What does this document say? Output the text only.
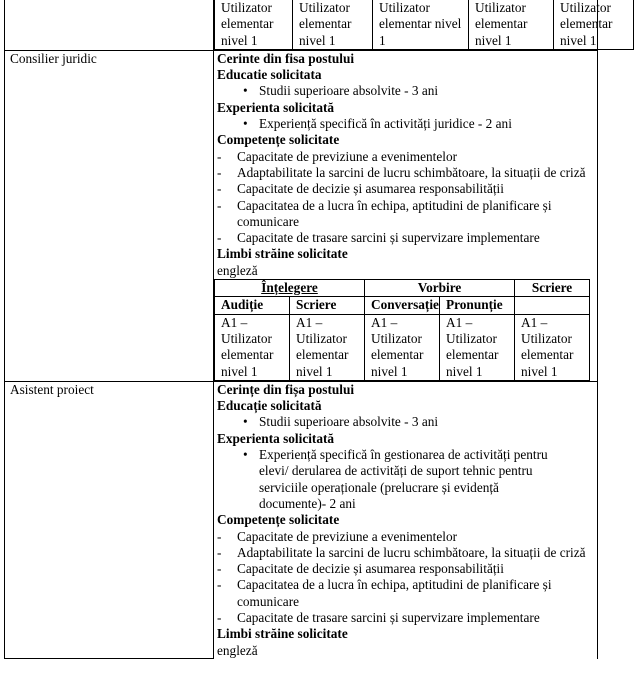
Utilizator elementar nivel 1	Utilizator elementar nivel 1	Utilizator elementar nivel 1	Utilizator elementar nivel 1	Utilizator elementar nivel 1

Consilier juridic	Cerinte din fisa postului
Educatie solicitata
• Studii superioare absolvite - 3 ani
Experienta solicitată
• Experiență specifică în activități juridice - 2 ani
Competențe solicitate
- Capacitate de previziune a evenimentelor
- Adaptabilitate la sarcini de lucru schimbătoare, la situații de criză
- Capacitate de decizie și asumarea responsabilității
- Capacitatea de a lucra în echipa, aptitudini de planificare și comunicare
- Capacitate de trasare sarcini și supervizare implementare
Limbi străine solicitate
engleză
Înțelegere	Vorbire	Scriere
Audiție	Scriere	Conversație	Pronunție	
A1 – Utilizator elementar nivel 1	A1 – Utilizator elementar nivel 1	A1 – Utilizator elementar nivel 1	A1 – Utilizator elementar nivel 1	A1 – Utilizator elementar nivel 1

Asistent proiect	Cerințe din fișa postului
Educație solicitată
• Studii superioare absolvite - 3 ani
Experienta solicitată
• Experiență specifică în gestionarea de activități pentru elevi/ derularea de activități de suport tehnic pentru serviciile operaționale (prelucrare și evidență documente)- 2 ani
Competențe solicitate
- Capacitate de previziune a evenimentelor
- Adaptabilitate la sarcini de lucru schimbătoare, la situații de criză
- Capacitate de decizie și asumarea responsabilității
- Capacitatea de a lucra în echipa, aptitudini de planificare și comunicare
- Capacitate de trasare sarcini și supervizare implementare
Limbi străine solicitate
engleză
